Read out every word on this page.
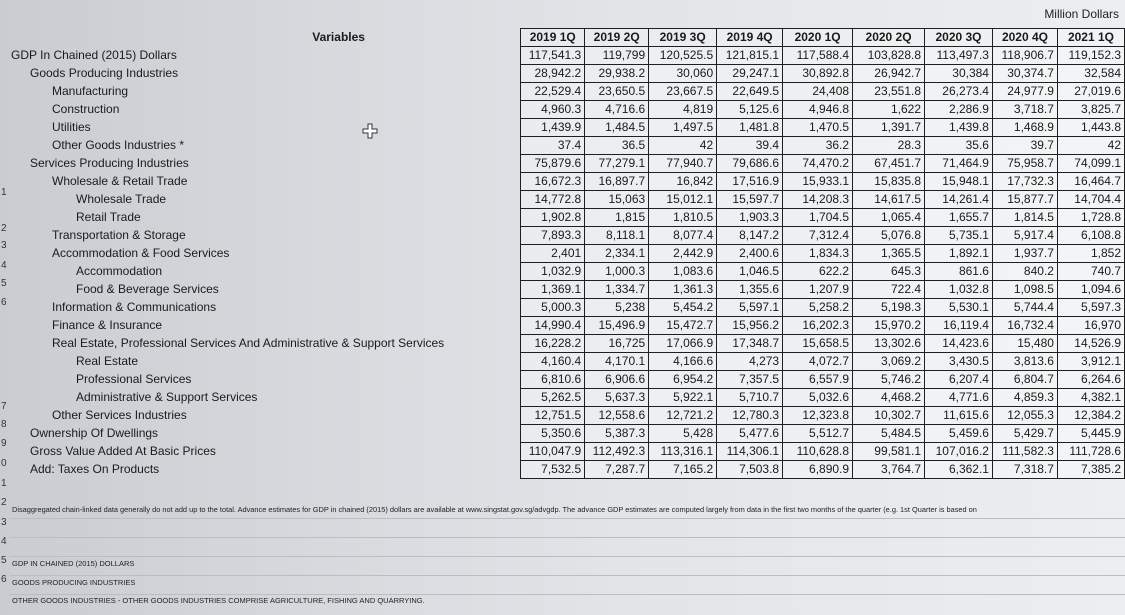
7
8
9
0
1
2
3
4
5
6
1
2
3
4
5
6
Million Dollars
Variables	2019 1Q	2019 2Q	2019 3Q	2019 4Q	2020 1Q	2020 2Q	2020 3Q	2020 4Q	2021 1Q
GDP In Chained (2015) Dollars	117,541.3	119,799	120,525.5	121,815.1	117,588.4	103,828.8	113,497.3	118,906.7	119,152.3
Goods Producing Industries	28,942.2	29,938.2	30,060	29,247.1	30,892.8	26,942.7	30,384	30,374.7	32,584
Manufacturing	22,529.4	23,650.5	23,667.5	22,649.5	24,408	23,551.8	26,273.4	24,977.9	27,019.6
Construction	4,960.3	4,716.6	4,819	5,125.6	4,946.8	1,622	2,286.9	3,718.7	3,825.7
Utilities	1,439.9	1,484.5	1,497.5	1,481.8	1,470.5	1,391.7	1,439.8	1,468.9	1,443.8
Other Goods Industries *	37.4	36.5	42	39.4	36.2	28.3	35.6	39.7	42
Services Producing Industries	75,879.6	77,279.1	77,940.7	79,686.6	74,470.2	67,451.7	71,464.9	75,958.7	74,099.1
Wholesale & Retail Trade	16,672.3	16,897.7	16,842	17,516.9	15,933.1	15,835.8	15,948.1	17,732.3	16,464.7
Wholesale Trade	14,772.8	15,063	15,012.1	15,597.7	14,208.3	14,617.5	14,261.4	15,877.7	14,704.4
Retail Trade	1,902.8	1,815	1,810.5	1,903.3	1,704.5	1,065.4	1,655.7	1,814.5	1,728.8
Transportation & Storage	7,893.3	8,118.1	8,077.4	8,147.2	7,312.4	5,076.8	5,735.1	5,917.4	6,108.8
Accommodation & Food Services	2,401	2,334.1	2,442.9	2,400.6	1,834.3	1,365.5	1,892.1	1,937.7	1,852
Accommodation	1,032.9	1,000.3	1,083.6	1,046.5	622.2	645.3	861.6	840.2	740.7
Food & Beverage Services	1,369.1	1,334.7	1,361.3	1,355.6	1,207.9	722.4	1,032.8	1,098.5	1,094.6
Information & Communications	5,000.3	5,238	5,454.2	5,597.1	5,258.2	5,198.3	5,530.1	5,744.4	5,597.3
Finance & Insurance	14,990.4	15,496.9	15,472.7	15,956.2	16,202.3	15,970.2	16,119.4	16,732.4	16,970
Real Estate, Professional Services And Administrative & Support Services	16,228.2	16,725	17,066.9	17,348.7	15,658.5	13,302.6	14,423.6	15,480	14,526.9
Real Estate	4,160.4	4,170.1	4,166.6	4,273	4,072.7	3,069.2	3,430.5	3,813.6	3,912.1
Professional Services	6,810.6	6,906.6	6,954.2	7,357.5	6,557.9	5,746.2	6,207.4	6,804.7	6,264.6
Administrative & Support Services	5,262.5	5,637.3	5,922.1	5,710.7	5,032.6	4,468.2	4,771.6	4,859.3	4,382.1
Other Services Industries	12,751.5	12,558.6	12,721.2	12,780.3	12,323.8	10,302.7	11,615.6	12,055.3	12,384.2
Ownership Of Dwellings	5,350.6	5,387.3	5,428	5,477.6	5,512.7	5,484.5	5,459.6	5,429.7	5,445.9
Gross Value Added At Basic Prices	110,047.9	112,492.3	113,316.1	114,306.1	110,628.8	99,581.1	107,016.2	111,582.3	111,728.6
Add: Taxes On Products	7,532.5	7,287.7	7,165.2	7,503.8	6,890.9	3,764.7	6,362.1	7,318.7	7,385.2
Disaggregated chain-linked data generally do not add up to the total. Advance estimates for GDP in chained (2015) dollars are available at www.singstat.gov.sg/advgdp. The advance GDP estimates are computed largely from data in the first two months of the quarter (e.g. 1st Quarter is based on
GDP IN CHAINED (2015) DOLLARS
GOODS PRODUCING INDUSTRIES
OTHER GOODS INDUSTRIES - OTHER GOODS INDUSTRIES COMPRISE AGRICULTURE, FISHING AND QUARRYING.
